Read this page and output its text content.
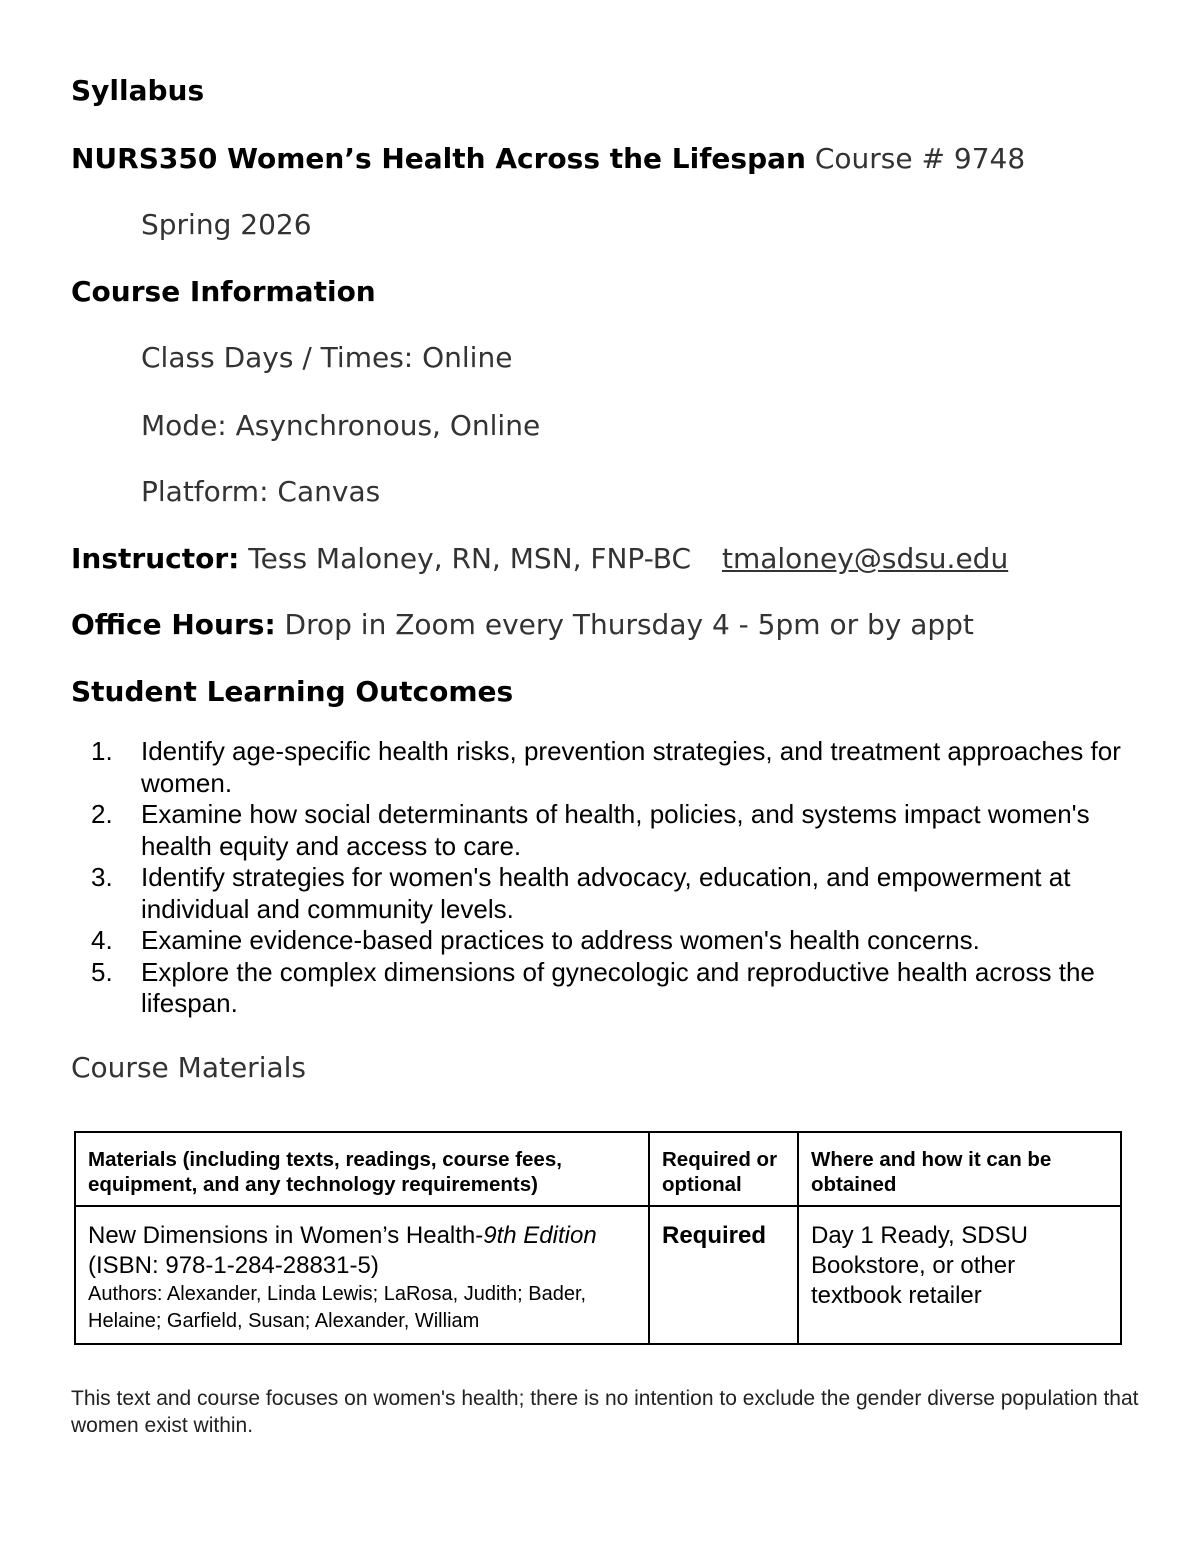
Syllabus
NURS350 Women’s Health Across the Lifespan Course # 9748
Spring 2026
Course Information
Class Days / Times: Online
Mode: Asynchronous, Online
Platform: Canvas
Instructor: Tess Maloney, RN, MSN, FNP-BC tmaloney@sdsu.edu
Office Hours: Drop in Zoom every Thursday 4 - 5pm or by appt
Student Learning Outcomes
1. Identify age-specific health risks, prevention strategies, and treatment approaches for women.
2. Examine how social determinants of health, policies, and systems impact women's health equity and access to care.
3. Identify strategies for women's health advocacy, education, and empowerment at individual and community levels.
4. Examine evidence-based practices to address women's health concerns.
5. Explore the complex dimensions of gynecologic and reproductive health across the lifespan.
Course Materials
Materials (including texts, readings, course fees, equipment, and any technology requirements)	Required or optional	Where and how it can be obtained
New Dimensions in Women’s Health-9th Edition (ISBN: 978-1-284-28831-5)
Authors: Alexander, Linda Lewis; LaRosa, Judith; Bader, Helaine; Garfield, Susan; Alexander, William	Required	Day 1 Ready, SDSU Bookstore, or other textbook retailer
This text and course focuses on women's health; there is no intention to exclude the gender diverse population that women exist within.
